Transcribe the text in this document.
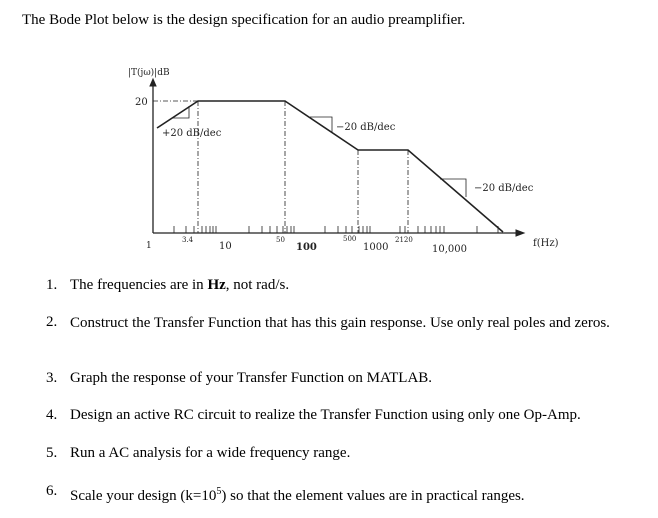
The Bode Plot below is the design specification for an audio preamplifier.
|T(jω)|dB
20
f(Hz)
1
3.4
10
50
100
500
1000
2120
10,000
+20 dB/dec
−20 dB/dec
−20 dB/dec
1. The frequencies are in Hz, not rad/s.
2. Construct the Transfer Function that has this gain response. Use only real poles and zeros.
3. Graph the response of your Transfer Function on MATLAB.
4. Design an active RC circuit to realize the Transfer Function using only one Op-Amp.
5. Run a AC analysis for a wide frequency range.
6. Scale your design $(k=10^5)$ so that the element values are in practical ranges.
